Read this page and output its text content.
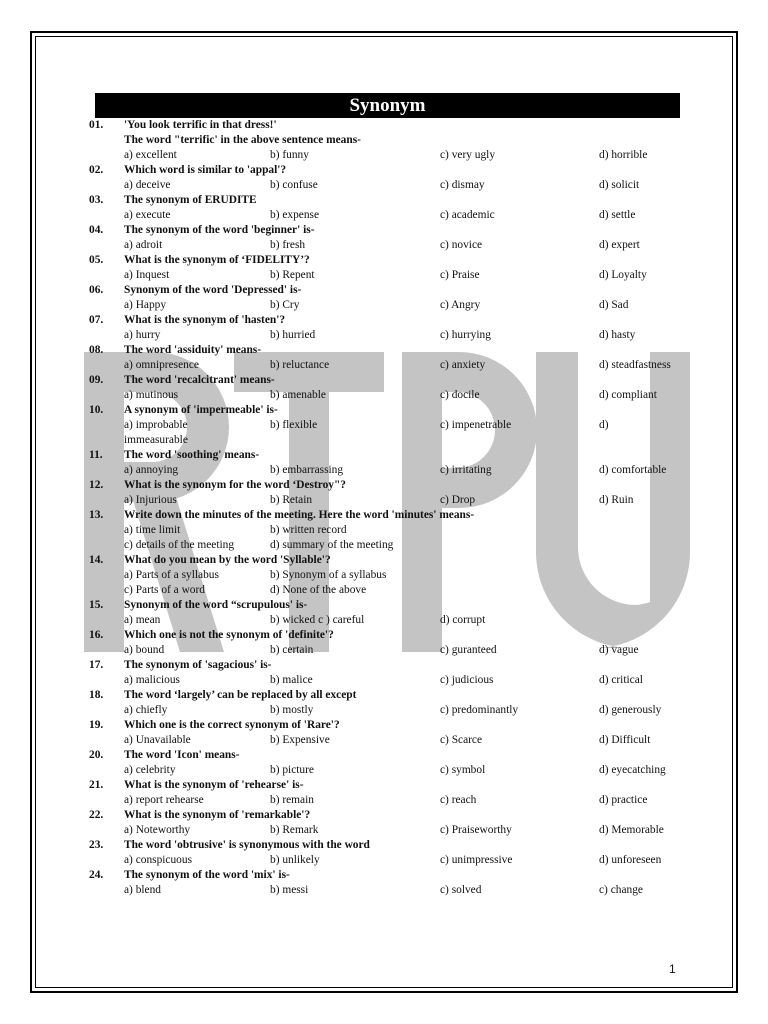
Synonym
01. 'You look terrific in that dress!'
The word "terrific' in the above sentence means-
a) excellent	b) funny	c) very ugly	d) horrible
02. Which word is similar to 'appal'?
a) deceive	b) confuse	c) dismay	d) solicit
03. The synonym of ERUDITE
a) execute	b) expense	c) academic	d) settle
04. The synonym of the word 'beginner' is-
a) adroit	b) fresh	c) novice	d) expert
05. What is the synonym of ‘FIDELITY’?
a) Inquest	b) Repent	c) Praise	d) Loyalty
06. Synonym of the word 'Depressed' is-
a) Happy	b) Cry	c) Angry	d) Sad
07. What is the synonym of 'hasten'?
a) hurry	b) hurried	c) hurrying	d) hasty
08. The word 'assiduity' means-
a) omnipresence	b) reluctance	c) anxiety	d) steadfastness
09. The word 'recalcitrant' means-
a) mutinous	b) amenable	c) docile	d) compliant
10. A synonym of 'impermeable' is-
a) improbable	b) flexible	c) impenetrable	d)
immeasurable
11. The word 'soothing' means-
a) annoying	b) embarrassing	c) irritating	d) comfortable
12. What is the synonym for the word ‘Destroy"?
a) Injurious	b) Retain	c) Drop	d) Ruin
13. Write down the minutes of the meeting. Here the word 'minutes' means-
a) time limit	b) written record
c) details of the meeting	d) summary of the meeting
14. What do you mean by the word 'Syllable'?
a) Parts of a syllabus	b) Synonym of a syllabus
c) Parts of a word	d) None of the above
15. Synonym of the word “scrupulous' is-
a) mean	b) wicked c ) careful	d) corrupt
16. Which one is not the synonym of 'definite'?
a) bound	b) certain	c) guranteed	d) vague
17. The synonym of 'sagacious' is-
a) malicious	b) malice	c) judicious	d) critical
18. The word ‘largely’ can be replaced by all except
a) chiefly	b) mostly	c) predominantly	d) generously
19. Which one is the correct synonym of 'Rare'?
a) Unavailable	b) Expensive	c) Scarce	d) Difficult
20. The word 'Icon' means-
a) celebrity	b) picture	c) symbol	d) eyecatching
21. What is the synonym of 'rehearse' is-
a) report rehearse	b) remain	c) reach	d) practice
22. What is the synonym of 'remarkable'?
a) Noteworthy	b) Remark	c) Praiseworthy	d) Memorable
23. The word 'obtrusive' is synonymous with the word
a) conspicuous	b) unlikely	c) unimpressive	d) unforeseen
24. The synonym of the word 'mix' is-
a) blend	b) messi	c) solved	c) change
1
